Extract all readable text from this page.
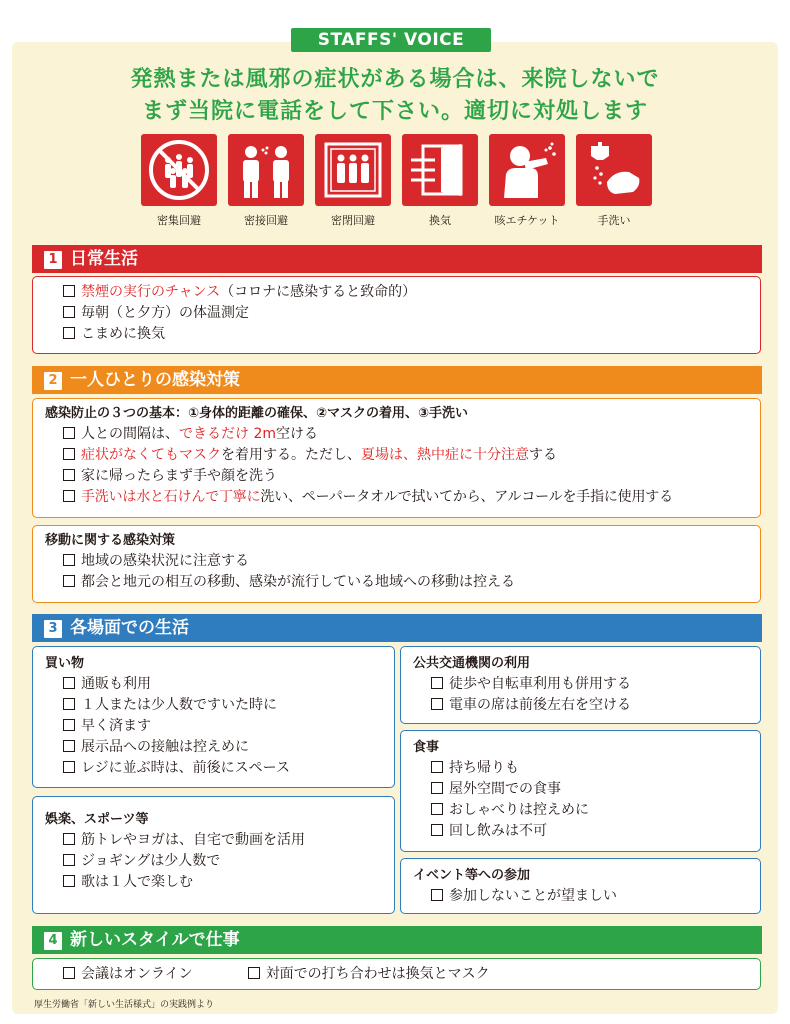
STAFFS' VOICE
発熱または風邪の症状がある場合は、来院しないで
まず当院に電話をして下さい。適切に対処します
密集回避	密接回避	密閉回避	換気	咳エチケット	手洗い
1 日常生活
禁煙の実行のチャンス（コロナに感染すると致命的）
毎朝（と夕方）の体温測定
こまめに換気
2 一人ひとりの感染対策
感染防止の３つの基本：①身体的距離の確保、②マスクの着用、③手洗い
人との間隔は、できるだけ 2m空ける
症状がなくてもマスクを着用する。ただし、夏場は、熱中症に十分注意する
家に帰ったらまず手や顔を洗う
手洗いは水と石けんで丁寧に洗い、ペーパータオルで拭いてから、アルコールを手指に使用する
移動に関する感染対策
地域の感染状況に注意する
都会と地元の相互の移動、感染が流行している地域への移動は控える
3 各場面での生活
買い物
通販も利用
１人または少人数ですいた時に
早く済ます
展示品への接触は控えめに
レジに並ぶ時は、前後にスペース
娯楽、スポーツ等
筋トレやヨガは、自宅で動画を活用
ジョギングは少人数で
歌は１人で楽しむ
公共交通機関の利用
徒歩や自転車利用も併用する
電車の席は前後左右を空ける
食事
持ち帰りも
屋外空間での食事
おしゃべりは控えめに
回し飲みは不可
イベント等への参加
参加しないことが望ましい
4 新しいスタイルで仕事
会議はオンライン	対面での打ち合わせは換気とマスク
厚生労働省「新しい生活様式」の実践例より
